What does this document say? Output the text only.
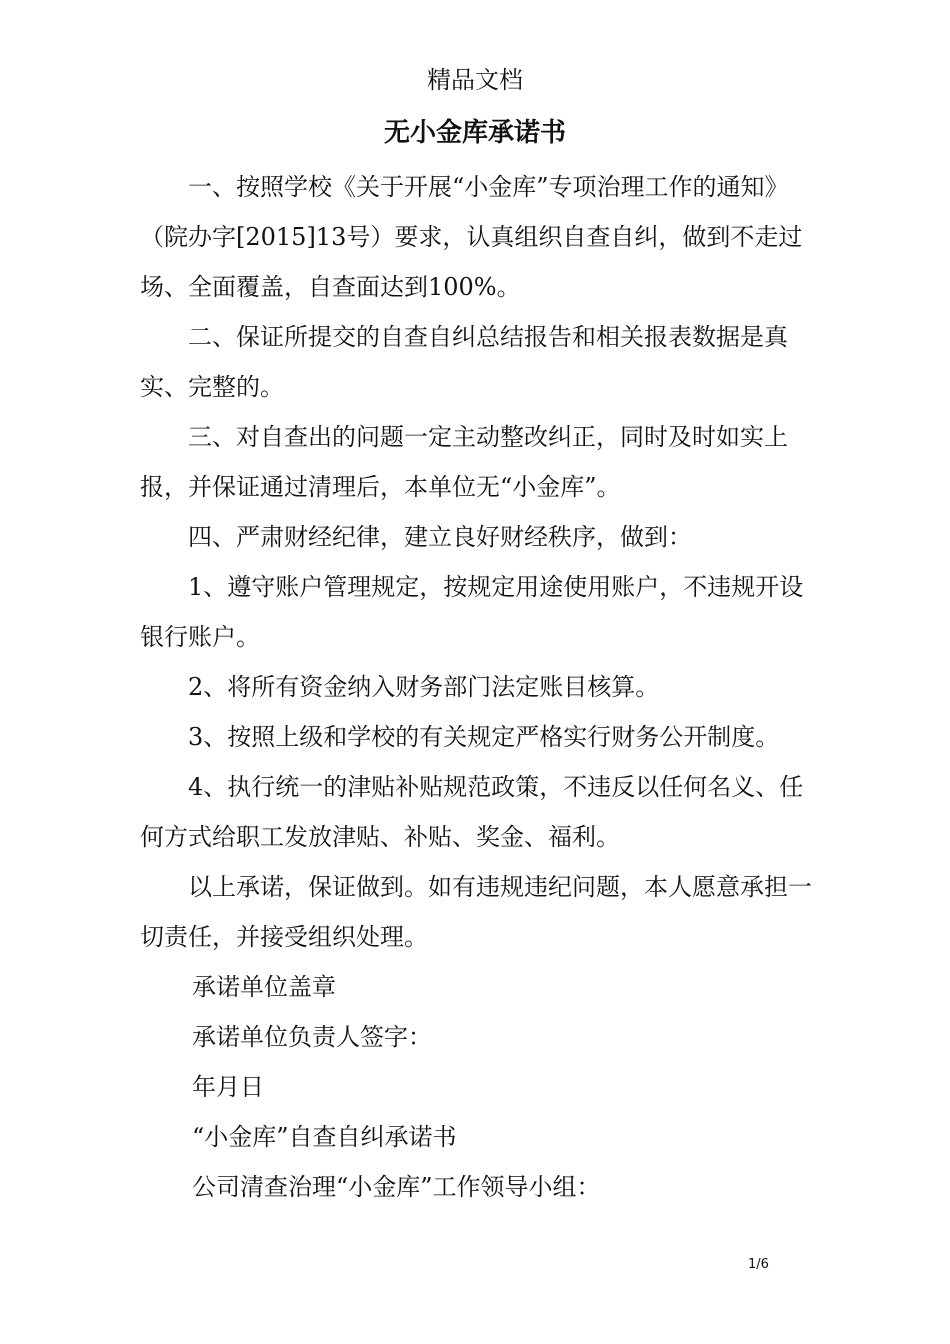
精品文档
无小金库承诺书

一、按照学校《关于开展“小金库”专项治理工作的通知》（院办字[2015]13号）要求，认真组织自查自纠，做到不走过场、全面覆盖，自查面达到100%。

二、保证所提交的自查自纠总结报告和相关报表数据是真实、完整的。

三、对自查出的问题一定主动整改纠正，同时及时如实上报，并保证通过清理后，本单位无“小金库”。

四、严肃财经纪律，建立良好财经秩序，做到：

1、遵守账户管理规定，按规定用途使用账户，不违规开设银行账户。

2、将所有资金纳入财务部门法定账目核算。

3、按照上级和学校的有关规定严格实行财务公开制度。

4、执行统一的津贴补贴规范政策，不违反以任何名义、任何方式给职工发放津贴、补贴、奖金、福利。

以上承诺，保证做到。如有违规违纪问题，本人愿意承担一切责任，并接受组织处理。

承诺单位盖章

承诺单位负责人签字：

年月日

“小金库”自查自纠承诺书

公司清查治理“小金库”工作领导小组：

1/6
